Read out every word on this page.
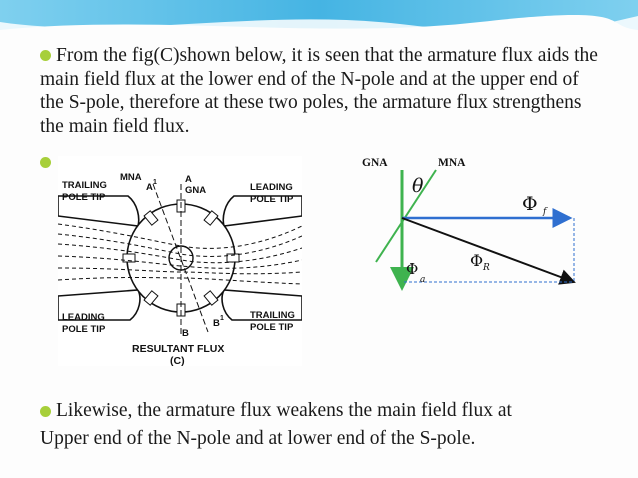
From the fig(C)shown below, it is seen that the armature flux aids the main field flux at the lower end of the N-pole and at the upper end of the S-pole, therefore at these two poles, the armature flux strengthens the main field flux.
MNA
A 1	A
GNA
TRAILING
POLE TIP
LEADING
POLE TIP
LEADING
POLE TIP
TRAILING
POLE TIP
B
B 1
RESULTANT FLUX
(C)
GNA	MNA
θ
Φ f
Φ R
Φ
a
Likewise, the armature flux weakens the main field flux at
Upper end of the N-pole and at lower end of the S-pole.
